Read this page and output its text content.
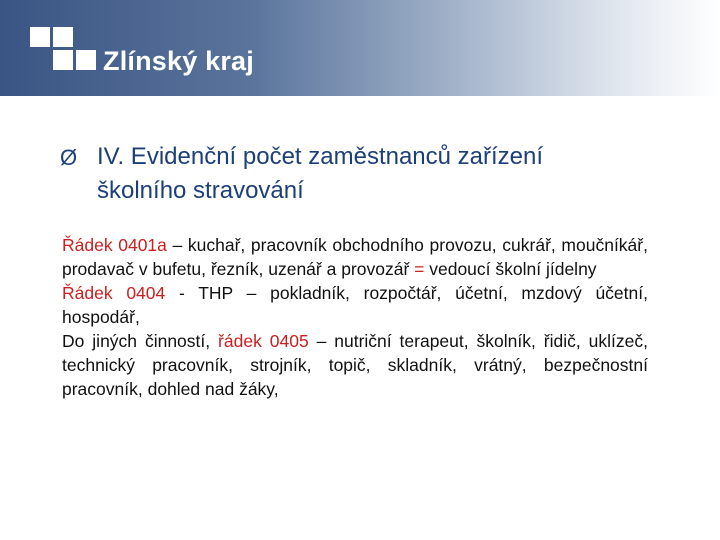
Zlínský kraj
Ø IV. Evidenční počet zaměstnanců zařízení
školního stravování
Řádek 0401a – kuchař, pracovník obchodního provozu, cukrář, moučníkář, prodavač v bufetu, řezník, uzenář a provozář = vedoucí školní jídelny
Řádek 0404 - THP – pokladník, rozpočtář, účetní, mzdový účetní, hospodář,
Do jiných činností, řádek 0405 – nutriční terapeut, školník, řidič, uklízeč, technický pracovník, strojník, topič, skladník, vrátný, bezpečnostní pracovník, dohled nad žáky,
